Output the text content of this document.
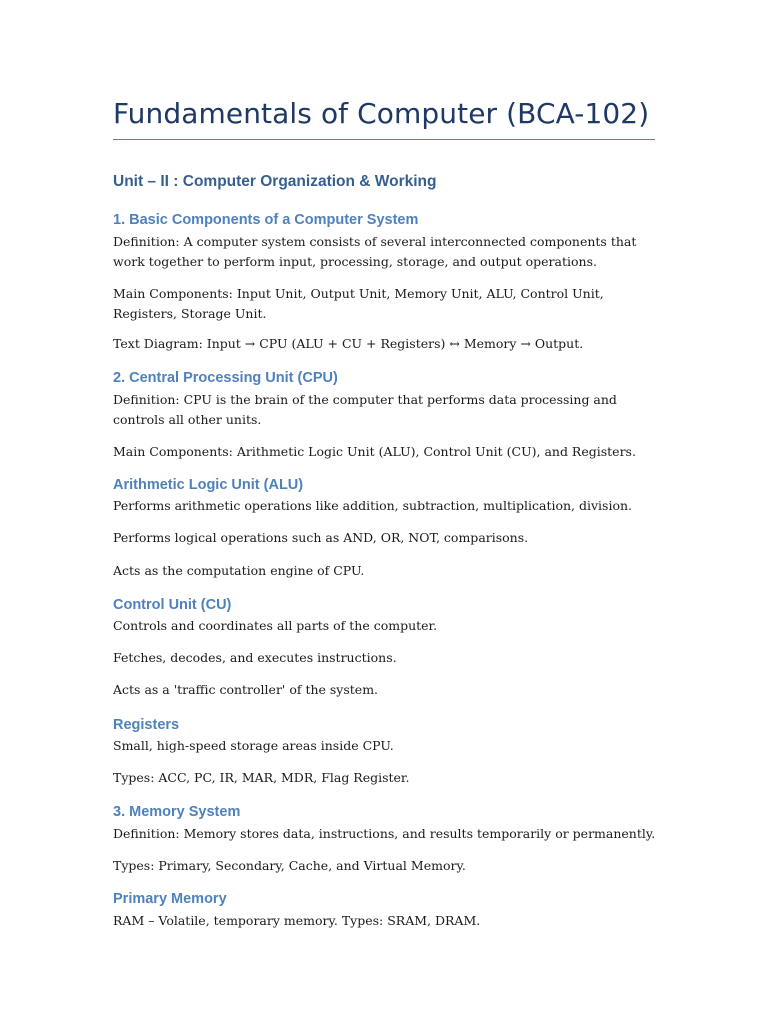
Fundamentals of Computer (BCA-102)
Unit – II : Computer Organization & Working
1. Basic Components of a Computer System

Definition: A computer system consists of several interconnected components that work together to perform input, processing, storage, and output operations.

Main Components: Input Unit, Output Unit, Memory Unit, ALU, Control Unit, Registers, Storage Unit.

Text Diagram: Input → CPU (ALU + CU + Registers) ↔ Memory → Output.

2. Central Processing Unit (CPU)

Definition: CPU is the brain of the computer that performs data processing and controls all other units.

Main Components: Arithmetic Logic Unit (ALU), Control Unit (CU), and Registers.

Arithmetic Logic Unit (ALU)

Performs arithmetic operations like addition, subtraction, multiplication, division.

Performs logical operations such as AND, OR, NOT, comparisons.

Acts as the computation engine of CPU.

Control Unit (CU)

Controls and coordinates all parts of the computer.

Fetches, decodes, and executes instructions.

Acts as a 'traffic controller' of the system.

Registers

Small, high-speed storage areas inside CPU.

Types: ACC, PC, IR, MAR, MDR, Flag Register.

3. Memory System

Definition: Memory stores data, instructions, and results temporarily or permanently.

Types: Primary, Secondary, Cache, and Virtual Memory.

Primary Memory

RAM – Volatile, temporary memory. Types: SRAM, DRAM.
